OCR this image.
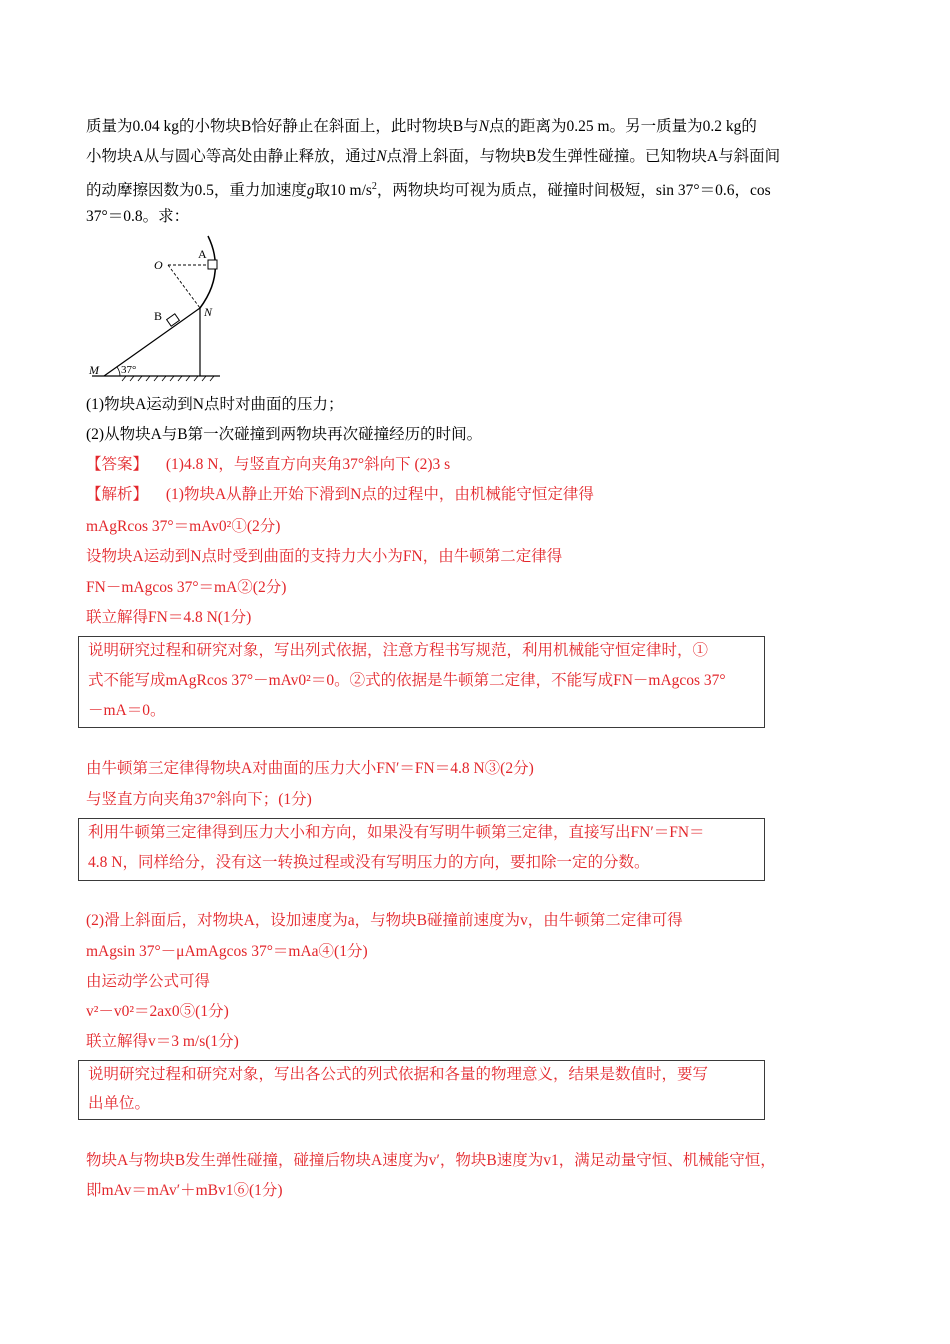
质量为0.04 kg的小物块B恰好静止在斜面上，此时物块B与N点的距离为0.25 m。另一质量为0.2 kg的
小物块A从与圆心等高处由静止释放，通过N点滑上斜面，与物块B发生弹性碰撞。已知物块A与斜面间
的动摩擦因数为0.5，重力加速度g取10 $m/s^2$，两物块均可视为质点，碰撞时间极短，sin 37°＝0.6，cos
37°＝0.8。求：
A
O
B	N
M 37°
(1)物块A运动到N点时对曲面的压力；
(2)从物块A与B第一次碰撞到两物块再次碰撞经历的时间。
【答案】 (1)4.8 N，与竖直方向夹角37°斜向下 (2)3 s
【解析】 (1)物块A从静止开始下滑到N点的过程中，由机械能守恒定律得
mAgRcos 37°＝mAv0²①(2分)
设物块A运动到N点时受到曲面的支持力大小为FN，由牛顿第二定律得
FN－mAgcos 37°＝mA②(2分)
联立解得FN＝4.8 N(1分)
说明研究过程和研究对象，写出列式依据，注意方程书写规范，利用机械能守恒定律时，①
式不能写成mAgRcos 37°－mAv0²＝0。②式的依据是牛顿第二定律，不能写成FN－mAgcos 37°
－mA＝0。
由牛顿第三定律得物块A对曲面的压力大小FN′＝FN＝4.8 N③(2分)
与竖直方向夹角37°斜向下；(1分)
利用牛顿第三定律得到压力大小和方向，如果没有写明牛顿第三定律，直接写出FN′＝FN＝
4.8 N，同样给分，没有这一转换过程或没有写明压力的方向，要扣除一定的分数。
(2)滑上斜面后，对物块A，设加速度为a，与物块B碰撞前速度为v，由牛顿第二定律可得
mAgsin 37°－μAmAgcos 37°＝mAa④(1分)
由运动学公式可得
v²－v0²＝2ax0⑤(1分)
联立解得v＝3 m/s(1分)
说明研究过程和研究对象，写出各公式的列式依据和各量的物理意义，结果是数值时，要写
出单位。
物块A与物块B发生弹性碰撞，碰撞后物块A速度为v′，物块B速度为v1，满足动量守恒、机械能守恒，
即mAv＝mAv′＋mBv1⑥(1分)
